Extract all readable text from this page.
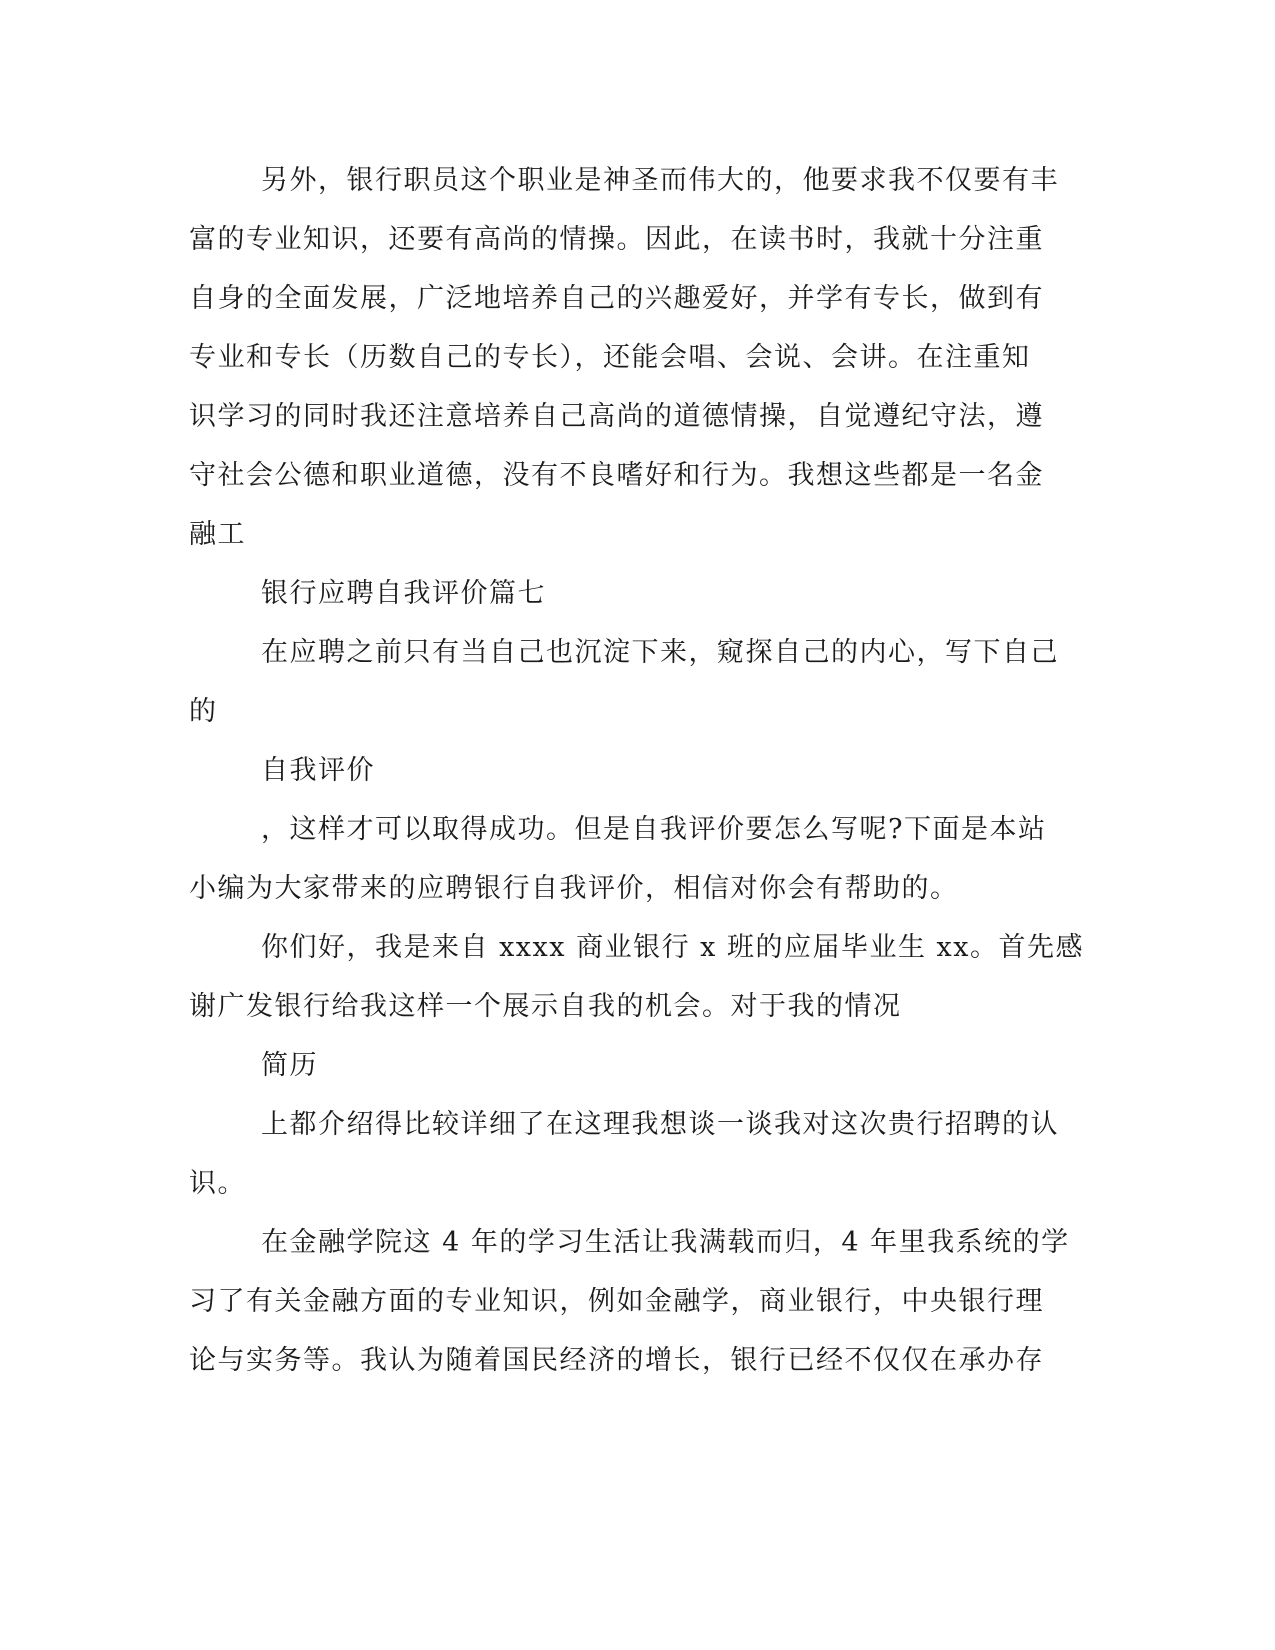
另外，银行职员这个职业是神圣而伟大的，他要求我不仅要有丰
富的专业知识，还要有高尚的情操。因此，在读书时，我就十分注重
自身的全面发展，广泛地培养自己的兴趣爱好，并学有专长，做到有
专业和专长（历数自己的专长），还能会唱、会说、会讲。在注重知
识学习的同时我还注意培养自己高尚的道德情操，自觉遵纪守法，遵
守社会公德和职业道德，没有不良嗜好和行为。我想这些都是一名金
融工
银行应聘自我评价篇七
在应聘之前只有当自己也沉淀下来，窥探自己的内心，写下自己
的
自我评价
，这样才可以取得成功。但是自我评价要怎么写呢?下面是本站
小编为大家带来的应聘银行自我评价，相信对你会有帮助的。
你们好，我是来自 xxxx 商业银行 x 班的应届毕业生 xx。首先感
谢广发银行给我这样一个展示自我的机会。对于我的情况
简历
上都介绍得比较详细了在这理我想谈一谈我对这次贵行招聘的认
识。
在金融学院这 4 年的学习生活让我满载而归，4 年里我系统的学
习了有关金融方面的专业知识，例如金融学，商业银行，中央银行理
论与实务等。我认为随着国民经济的增长，银行已经不仅仅在承办存
